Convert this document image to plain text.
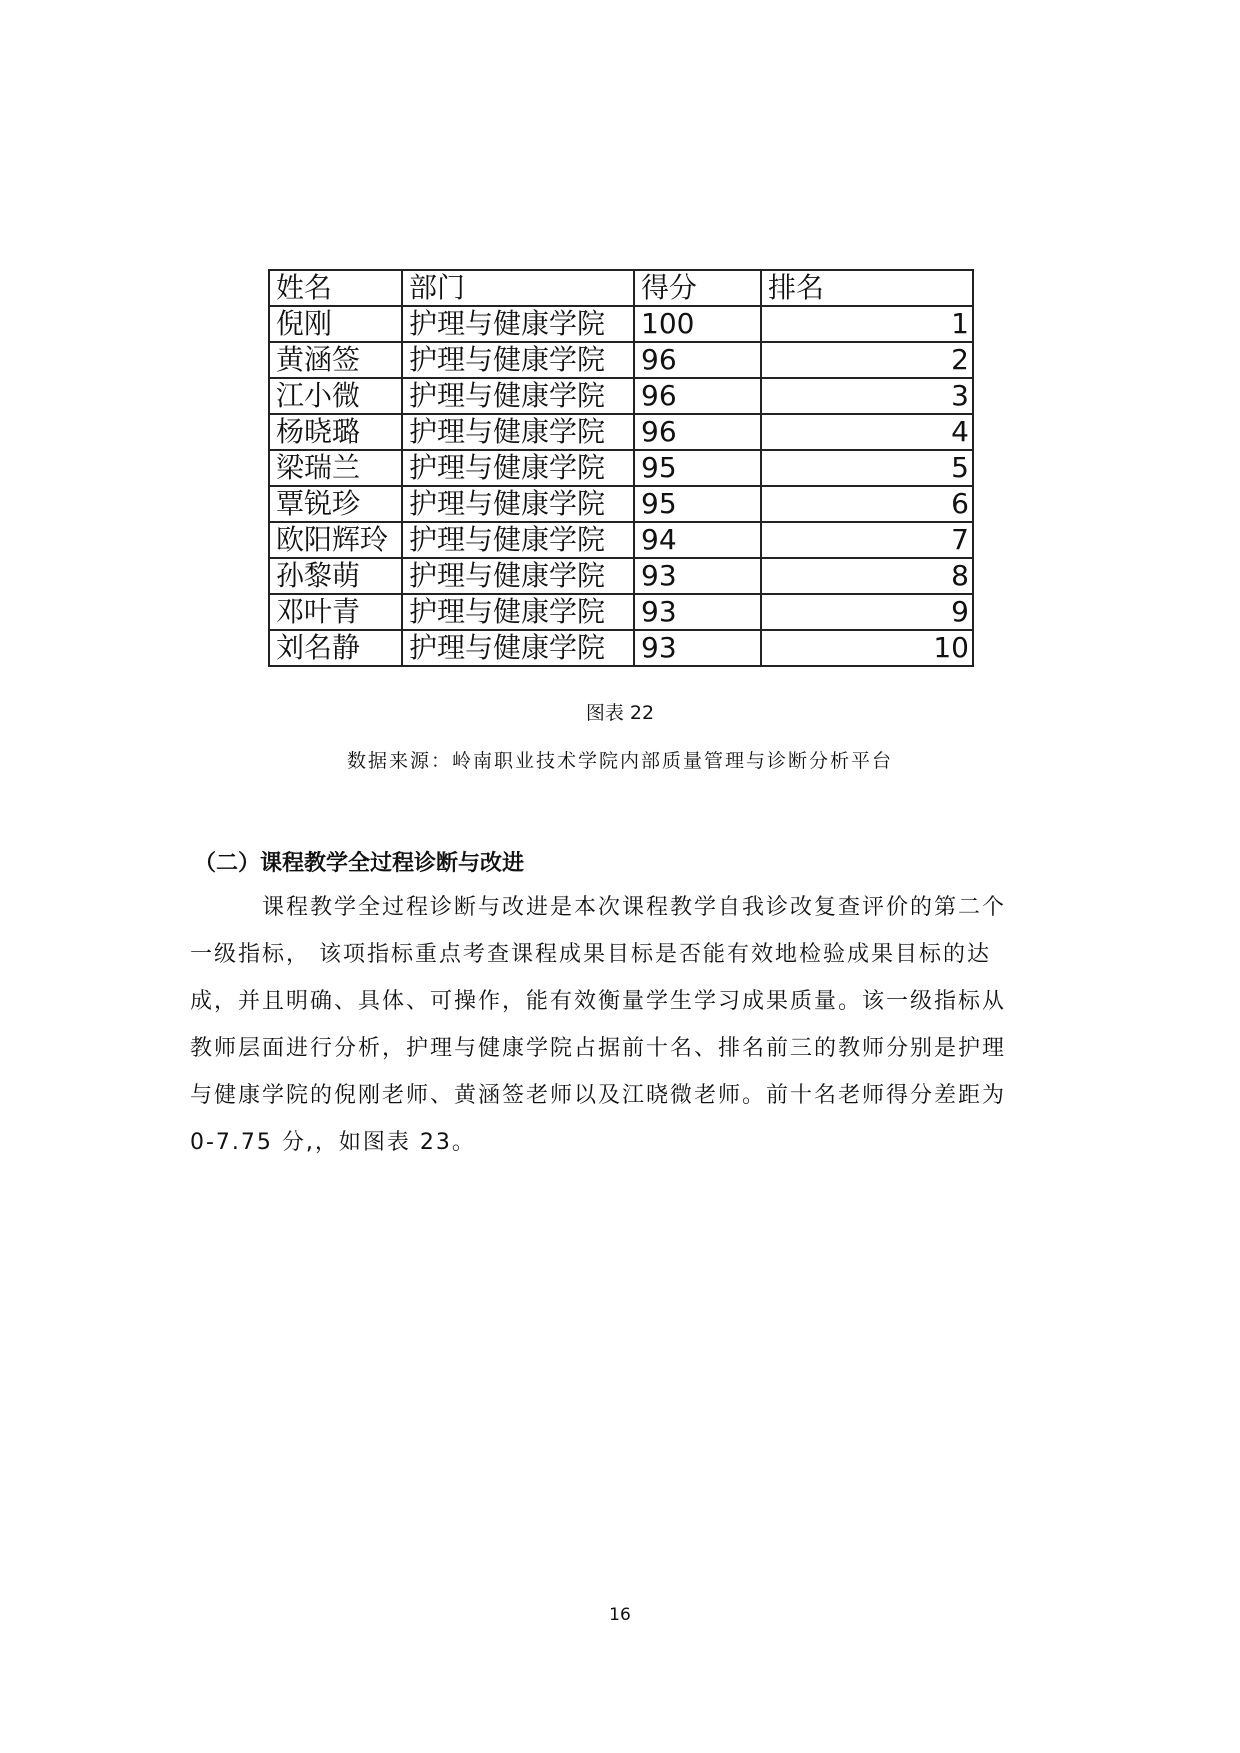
姓名	部门	得分	排名
倪刚	护理与健康学院	100	1
黄涵签	护理与健康学院	96	2
江小微	护理与健康学院	96	3
杨晓璐	护理与健康学院	96	4
梁瑞兰	护理与健康学院	95	5
覃锐珍	护理与健康学院	95	6
欧阳辉玲	护理与健康学院	94	7
孙黎萌	护理与健康学院	93	8
邓叶青	护理与健康学院	93	9
刘名静	护理与健康学院	93	10
图表 22
数据来源：岭南职业技术学院内部质量管理与诊断分析平台
（二）课程教学全过程诊断与改进
课程教学全过程诊断与改进是本次课程教学自我诊改复查评价的第二个
一级指标， 该项指标重点考查课程成果目标是否能有效地检验成果目标的达
成，并且明确、具体、可操作，能有效衡量学生学习成果质量。该一级指标从
教师层面进行分析，护理与健康学院占据前十名、排名前三的教师分别是护理
与健康学院的倪刚老师、黄涵签老师以及江晓微老师。前十名老师得分差距为
0-7.75 分,，如图表 23。
16
